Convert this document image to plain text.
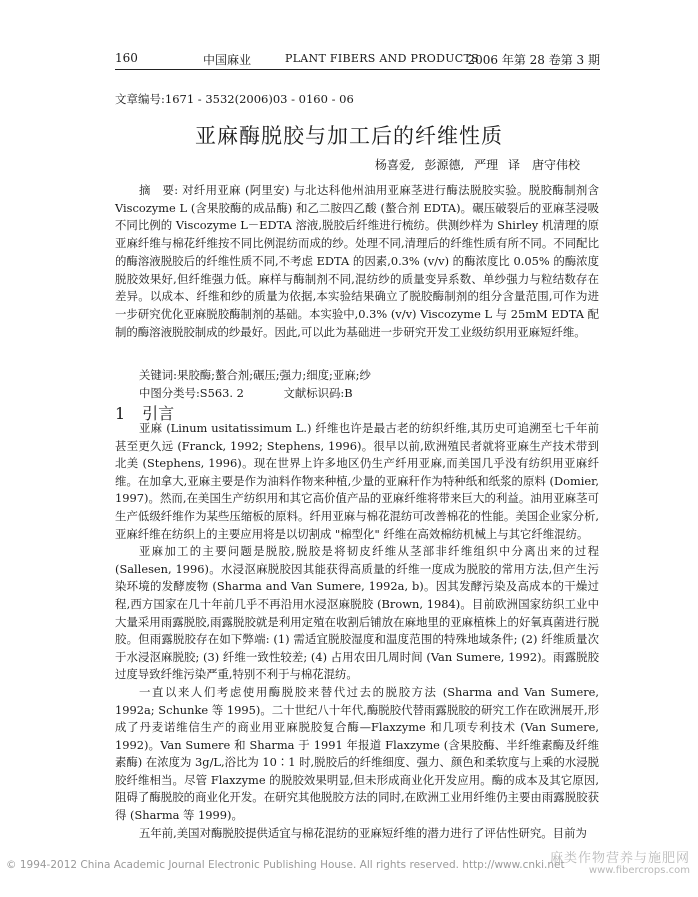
160	中国麻业	PLANT FIBERS AND PRODUCTS
2006 年第 28 卷第 3 期
文章编号:1671 - 3532(2006)03 - 0160 - 06
亚麻酶脱胶与加工后的纤维性质
杨喜爱, 彭源德, 严理 译　唐守伟校

摘　要: 对纤用亚麻 (阿里安) 与北达科他州油用亚麻茎进行酶法脱胶实验。脱胶酶制剂含 Viscozyme L (含果胶酶的成品酶) 和乙二胺四乙酸 (螯合剂 EDTA)。碾压破裂后的亚麻茎浸吸不同比例的 Viscozyme L－EDTA 溶液,脱胶后纤维进行梳纺。供测纱样为 Shirley 机清理的原亚麻纤维与棉花纤维按不同比例混纺而成的纱。处理不同,清理后的纤维性质有所不同。不同配比的酶溶液脱胶后的纤维性质不同,不考虑 EDTA 的因素,0.3% (v/v) 的酶浓度比 0.05% 的酶浓度脱胶效果好,但纤维强力低。麻样与酶制剂不同,混纺纱的质量变异系数、单纱强力与粒结数存在差异。以成本、纤维和纱的质量为依据,本实验结果确立了脱胶酶制剂的组分含量范围,可作为进一步研究优化亚麻脱胶酶制剂的基础。本实验中,0.3% (v/v) Viscozyme L 与 25mM EDTA 配制的酶溶液脱胶制成的纱最好。因此,可以此为基础进一步研究开发工业级纺织用亚麻短纤维。

关键词:果胶酶;螯合剂;碾压;强力;细度;亚麻;纱
中图分类号:S563. 2	文献标识码:B
1 引言

亚麻 (Linum usitatissimum L.) 纤维也许是最古老的纺织纤维,其历史可追溯至七千年前甚至更久远 (Franck, 1992; Stephens, 1996)。很早以前,欧洲殖民者就将亚麻生产技术带到北美 (Stephens, 1996)。现在世界上许多地区仍生产纤用亚麻,而美国几乎没有纺织用亚麻纤维。在加拿大,亚麻主要是作为油料作物来种植,少量的亚麻秆作为特种纸和纸浆的原料 (Domier, 1997)。然而,在美国生产纺织用和其它高价值产品的亚麻纤维将带来巨大的利益。油用亚麻茎可生产低级纤维作为某些压缩板的原料。纤用亚麻与棉花混纺可改善棉花的性能。美国企业家分析,亚麻纤维在纺织上的主要应用将是以切割成 "棉型化" 纤维在高效棉纺机械上与其它纤维混纺。

亚麻加工的主要问题是脱胶,脱胶是将韧皮纤维从茎部非纤维组织中分离出来的过程 (Sallesen, 1996)。水浸沤麻脱胶因其能获得高质量的纤维一度成为脱胶的常用方法,但产生污染环境的发酵废物 (Sharma and Van Sumere, 1992a, b)。因其发酵污染及高成本的干燥过程,西方国家在几十年前几乎不再沿用水浸沤麻脱胶 (Brown, 1984)。目前欧洲国家纺织工业中大量采用雨露脱胶,雨露脱胶就是利用定殖在收割后铺放在麻地里的亚麻植株上的好氧真菌进行脱胶。但雨露脱胶存在如下弊端: (1) 需适宜脱胶湿度和温度范围的特殊地域条件; (2) 纤维质量次于水浸沤麻脱胶; (3) 纤维一致性较差; (4) 占用农田几周时间 (Van Sumere, 1992)。雨露脱胶过度导致纤维污染严重,特别不利于与棉花混纺。

一直以来人们考虑使用酶脱胶来替代过去的脱胶方法 (Sharma and Van Sumere, 1992a; Schunke 等 1995)。二十世纪八十年代,酶脱胶代替雨露脱胶的研究工作在欧洲展开,形成了丹麦诺维信生产的商业用亚麻脱胶复合酶—Flaxzyme 和几项专利技术 (Van Sumere, 1992)。Van Sumere 和 Sharma 于 1991 年报道 Flaxzyme (含果胶酶、半纤维素酶及纤维素酶) 在浓度为 3g/L,浴比为 10∶1 时,脱胶后的纤维细度、强力、颜色和柔软度与上乘的水浸脱胶纤维相当。尽管 Flaxzyme 的脱胶效果明显,但未形成商业化开发应用。酶的成本及其它原因,阻碍了酶脱胶的商业化开发。在研究其他脱胶方法的同时,在欧洲工业用纤维仍主要由雨露脱胶获得 (Sharma 等 1999)。

五年前,美国对酶脱胶提供适宜与棉花混纺的亚麻短纤维的潜力进行了评估性研究。目前为

© 1994-2012 China Academic Journal Electronic Publishing House. All rights reserved. http://www.cnki.net
麻类作物营养与施肥网
www.fibercrops.com
